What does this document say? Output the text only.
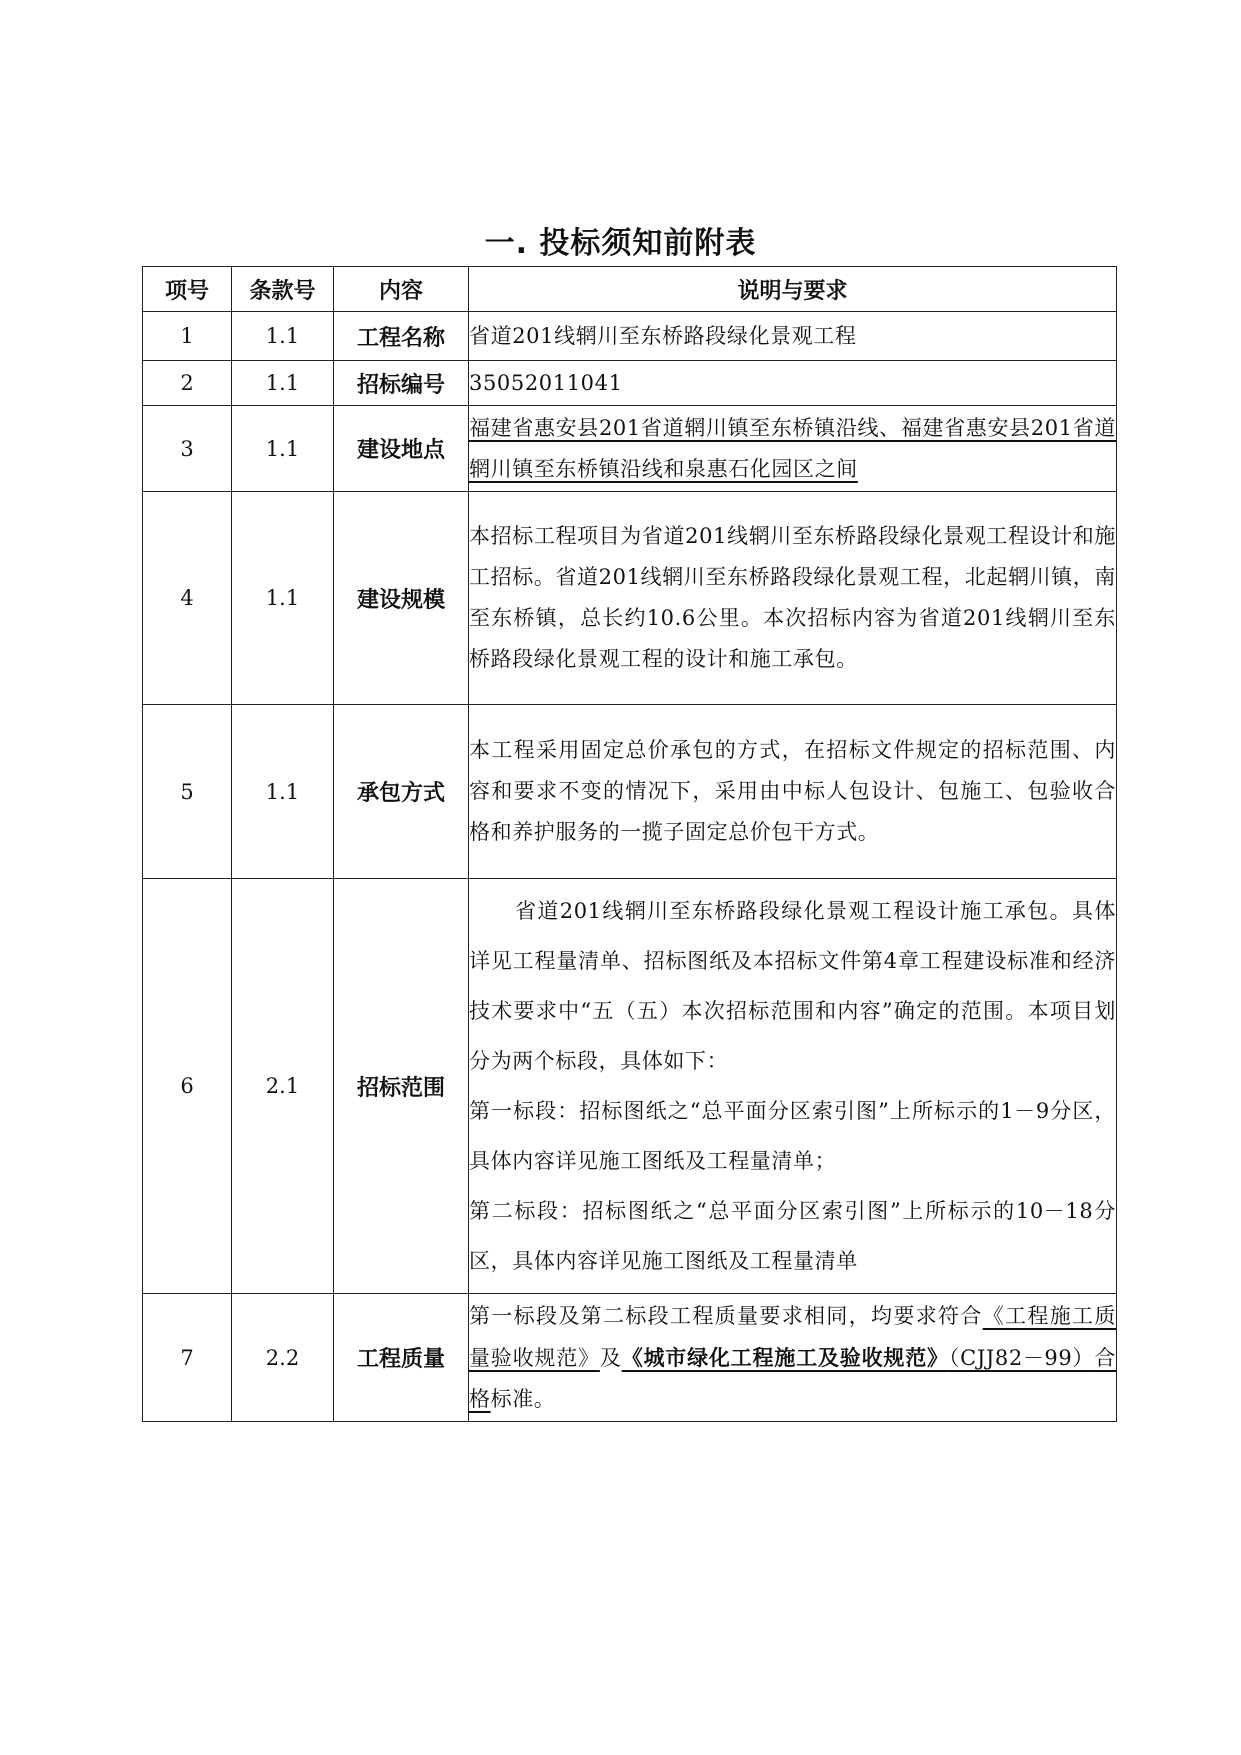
一. 投标须知前附表
项号	条款号	内容	说明与要求
1	1.1	工程名称	省道201线辋川至东桥路段绿化景观工程
2	1.1	招标编号	35052011041
3	1.1	建设地点	福建省惠安县201省道辋川镇至东桥镇沿线、福建省惠安县201省道辋川镇至东桥镇沿线和泉惠石化园区之间
4	1.1	建设规模	本招标工程项目为省道201线辋川至东桥路段绿化景观工程设计和施工招标。省道201线辋川至东桥路段绿化景观工程，北起辋川镇，南至东桥镇，总长约10.6公里。本次招标内容为省道201线辋川至东桥路段绿化景观工程的设计和施工承包。
5	1.1	承包方式	本工程采用固定总价承包的方式，在招标文件规定的招标范围、内容和要求不变的情况下，采用由中标人包设计、包施工、包验收合格和养护服务的一揽子固定总价包干方式。
6	2.1	招标范围	省道201线辋川至东桥路段绿化景观工程设计施工承包。具体详见工程量清单、招标图纸及本招标文件第4章工程建设标准和经济技术要求中“五（五）本次招标范围和内容”确定的范围。本项目划分为两个标段，具体如下：

第一标段：招标图纸之“总平面分区索引图”上所标示的1－9分区，具体内容详见施工图纸及工程量清单；

第二标段：招标图纸之“总平面分区索引图”上所标示的10－18分区，具体内容详见施工图纸及工程量清单

7	2.2	工程质量	第一标段及第二标段工程质量要求相同，均要求符合《工程施工质量验收规范》及《城市绿化工程施工及验收规范》（CJJ82－99）合格标准。
